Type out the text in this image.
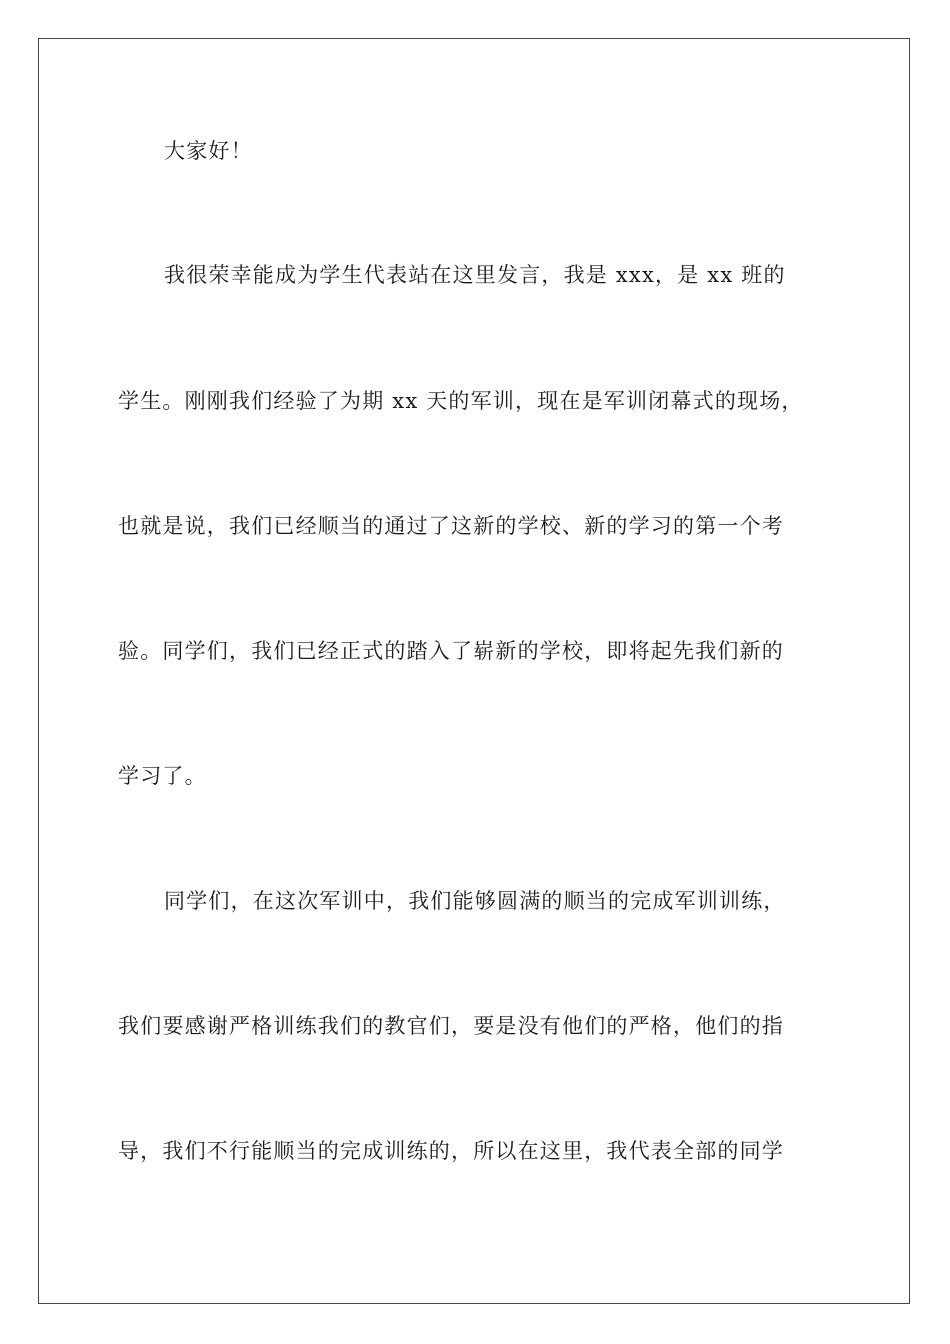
大家好！
我很荣幸能成为学生代表站在这里发言，我是 xxx，是 xx 班的
学生。刚刚我们经验了为期 xx 天的军训，现在是军训闭幕式的现场，
也就是说，我们已经顺当的通过了这新的学校、新的学习的第一个考
验。同学们，我们已经正式的踏入了崭新的学校，即将起先我们新的
学习了。
同学们，在这次军训中，我们能够圆满的顺当的完成军训训练，
我们要感谢严格训练我们的教官们，要是没有他们的严格，他们的指
导，我们不行能顺当的完成训练的，所以在这里，我代表全部的同学
